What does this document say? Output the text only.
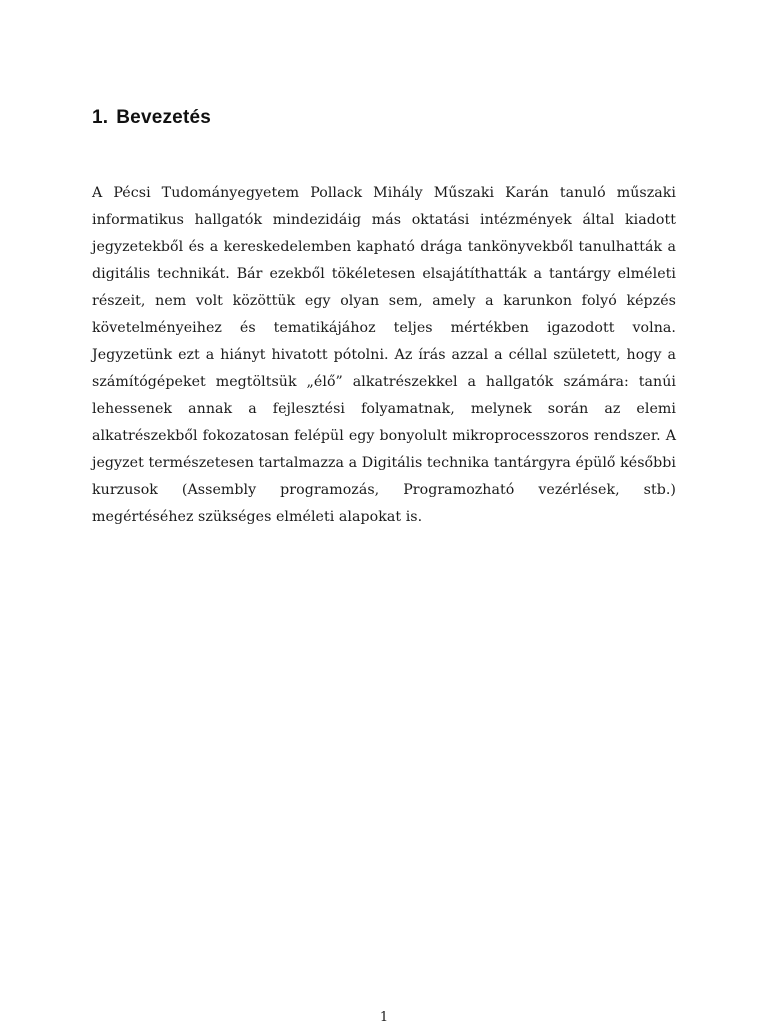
1. Bevezetés

A Pécsi Tudományegyetem Pollack Mihály Műszaki Karán tanuló műszaki informatikus hallgatók mindezidáig más oktatási intézmények által kiadott jegyzetekből és a kereskedelemben kapható drága tankönyvekből tanulhatták a digitális technikát. Bár ezekből tökéletesen elsajátíthatták a tantárgy elméleti részeit, nem volt közöttük egy olyan sem, amely a karunkon folyó képzés követelményeihez és tematikájához teljes mértékben igazodott volna. Jegyzetünk ezt a hiányt hivatott pótolni. Az írás azzal a céllal született, hogy a számítógépeket megtöltsük „élő” alkatrészekkel a hallgatók számára: tanúi lehessenek annak a fejlesztési folyamatnak, melynek során az elemi alkatrészekből fokozatosan felépül egy bonyolult mikroprocesszoros rendszer. A jegyzet természetesen tartalmazza a Digitális technika tantárgyra épülő későbbi kurzusok (Assembly programozás, Programozható vezérlések, stb.) megértéséhez szükséges elméleti alapokat is.

1
